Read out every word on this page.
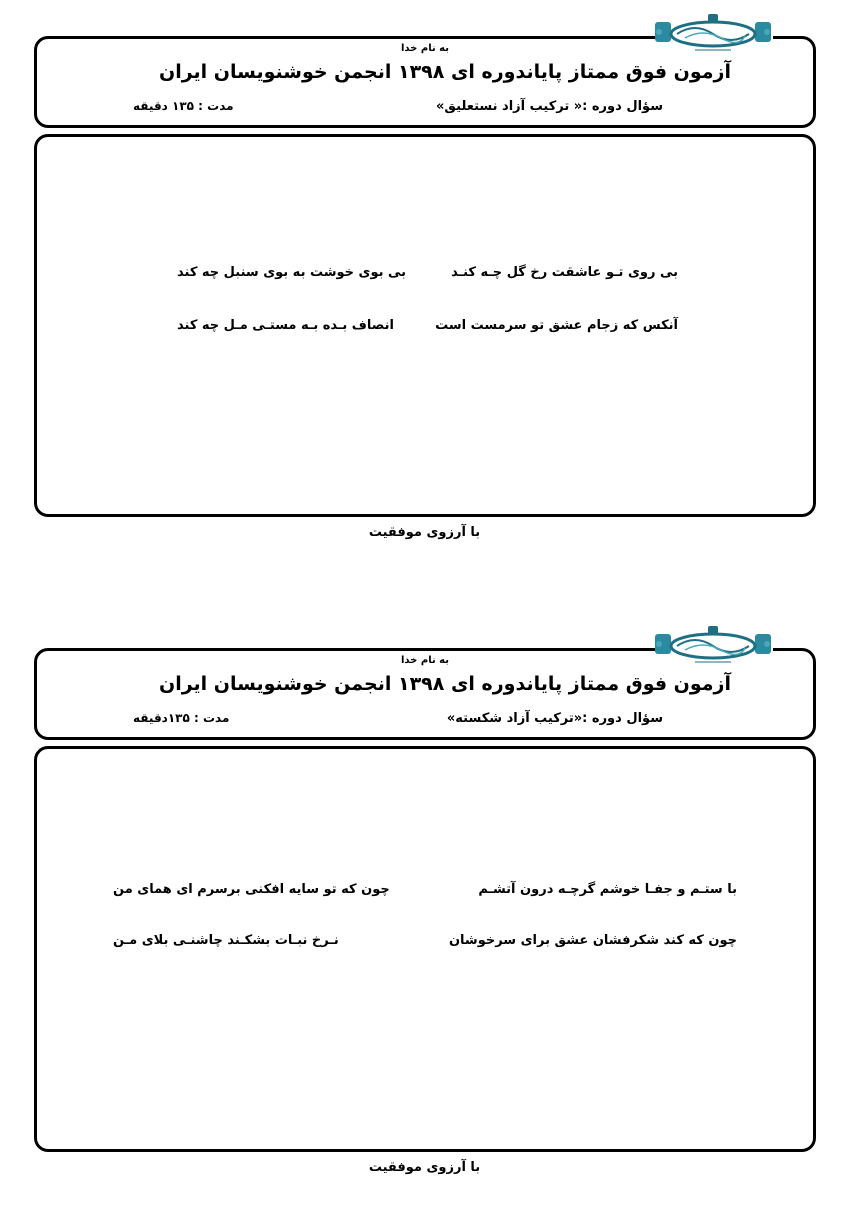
به نام خدا
آزمون فوق ممتاز پایاندوره ای ۱۳۹۸ انجمن خوشنویسان ایران
سؤال دوره :« ترکیب آزاد نستعلیق»
مدت : ۱۳۵ دقیقه
بی روی تـو عاشقت رخ گل چـه کنـد
بی بوی خوشت به بوی سنبل چه کند
آنکس که زجام عشق تو سرمست است
انصاف بـده بـه مستـی مـل چه کند
با آرزوی موفقیت
به نام خدا
آزمون فوق ممتاز پایاندوره ای ۱۳۹۸ انجمن خوشنویسان ایران
سؤال دوره :«ترکیب آزاد شکسته»
مدت : ۱۳۵دقیقه
با ستـم و جفـا خوشم گرچـه درون آتشـم
چون که تو سایه افکنی برسرم ای همای من
چون که کند شکرفشان عشق برای سرخوشان
نـرخ نبـات بشکـند چاشنـی بلای مـن
با آرزوی موفقیت
